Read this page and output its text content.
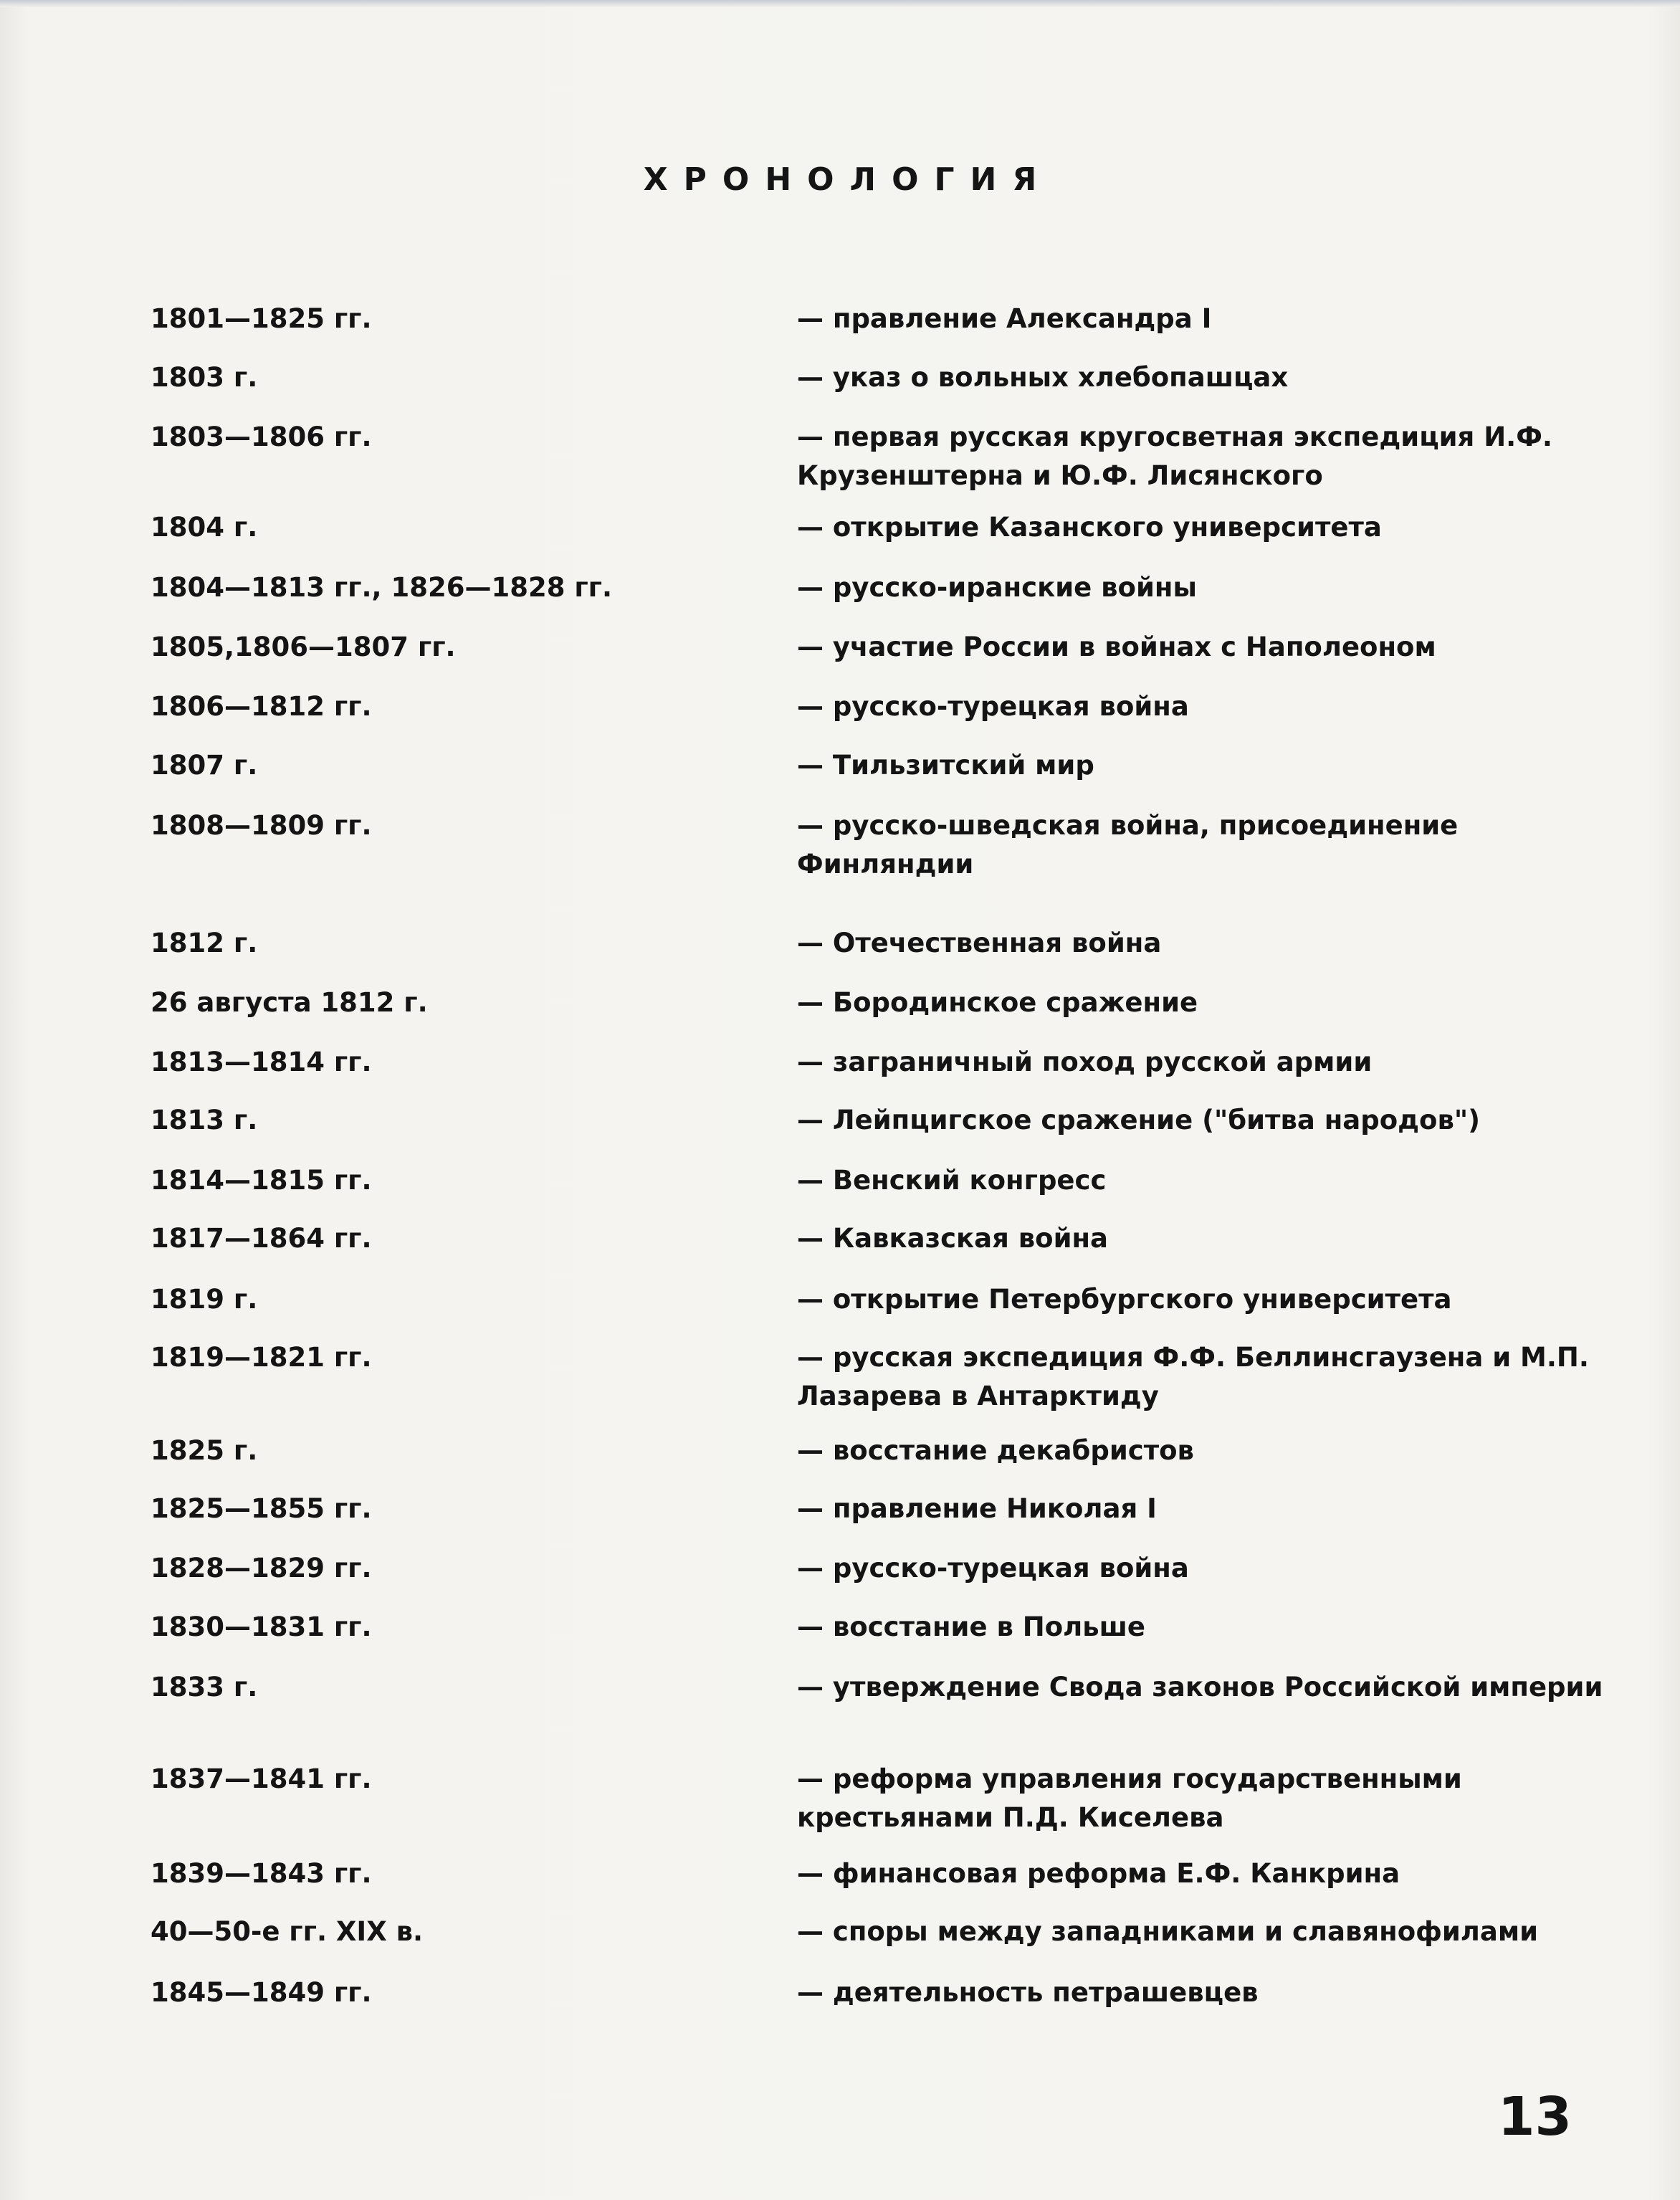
ХРОНОЛОГИЯ
1801—1825 гг.	— правление Александра I
1803 г.	— указ о вольных хлебопашцах
1803—1806 гг.	— первая русская кругосветная экспедиция И.Ф. Крузенштерна и Ю.Ф. Лисянского
1804 г.	— открытие Казанского университета
1804—1813 гг., 1826—1828 гг.	— русско-иранские войны
1805,1806—1807 гг.	— участие России в войнах с Наполеоном
1806—1812 гг.	— русско-турецкая война
1807 г.	— Тильзитский мир
1808—1809 гг.	— русско-шведская война, присоединение Финляндии
1812 г.	— Отечественная война
26 августа 1812 г.	— Бородинское сражение
1813—1814 гг.	— заграничный поход русской армии
1813 г.	— Лейпцигское сражение ("битва народов")
1814—1815 гг.	— Венский конгресс
1817—1864 гг.	— Кавказская война
1819 г.	— открытие Петербургского университета
1819—1821 гг.	— русская экспедиция Ф.Ф. Беллинсгаузена и М.П. Лазарева в Антарктиду
1825 г.	— восстание декабристов
1825—1855 гг.	— правление Николая I
1828—1829 гг.	— русско-турецкая война
1830—1831 гг.	— восстание в Польше
1833 г.	— утверждение Свода законов Российской империи
1837—1841 гг.	— реформа управления государственными крестьянами П.Д. Киселева
1839—1843 гг.	— финансовая реформа Е.Ф. Канкрина
40—50-е гг. XIX в.	— споры между западниками и славянофилами
1845—1849 гг.	— деятельность петрашевцев
13
